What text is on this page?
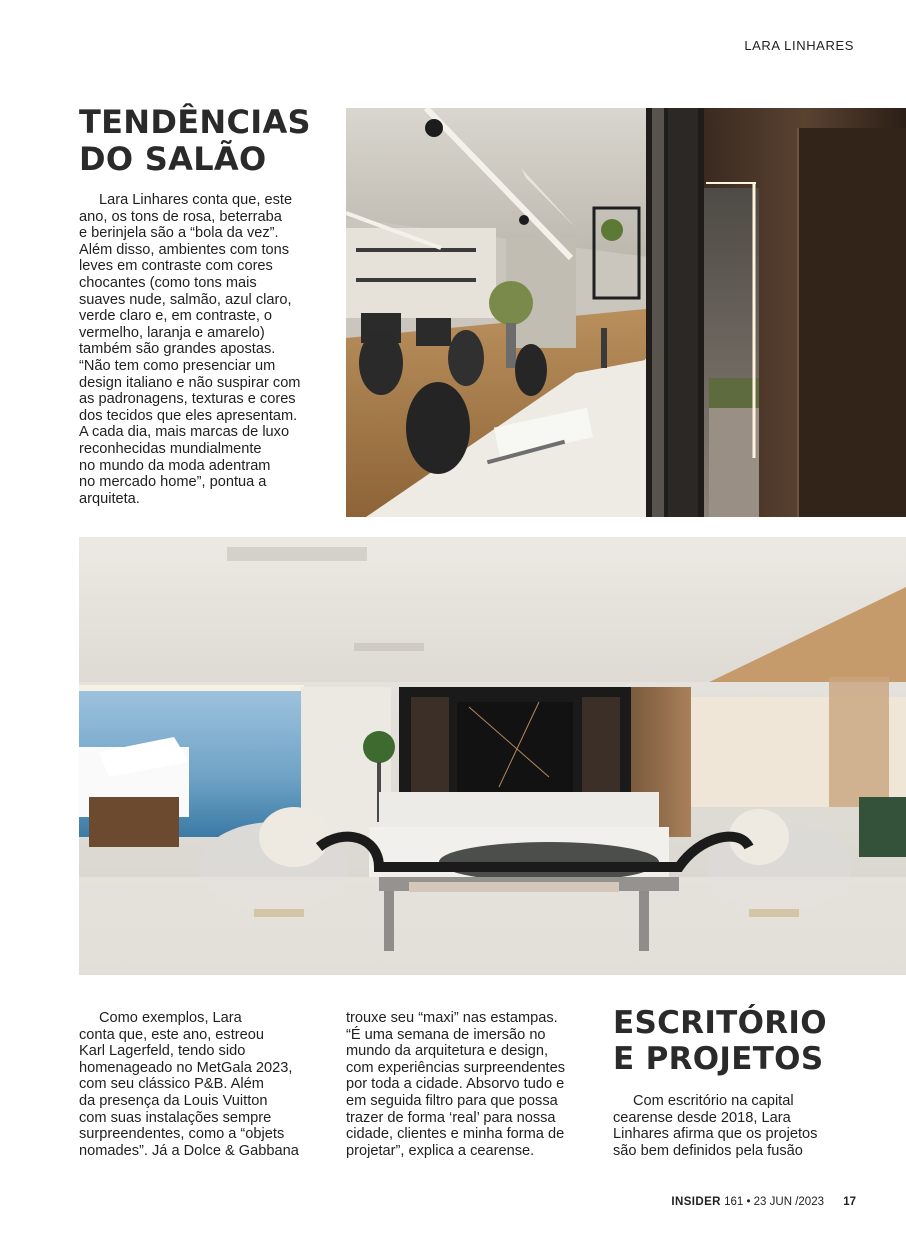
LARA LINHARES
TENDÊNCIAS
DO SALÃO
Lara Linhares conta que, este
ano, os tons de rosa, beterraba
e berinjela são a “bola da vez”.
Além disso, ambientes com tons
leves em contraste com cores
chocantes (como tons mais
suaves nude, salmão, azul claro,
verde claro e, em contraste, o
vermelho, laranja e amarelo)
também são grandes apostas.
“Não tem como presenciar um
design italiano e não suspirar com
as padronagens, texturas e cores
dos tecidos que eles apresentam.
A cada dia, mais marcas de luxo
reconhecidas mundialmente
no mundo da moda adentram
no mercado home”, pontua a
arquiteta.
Como exemplos, Lara
conta que, este ano, estreou
Karl Lagerfeld, tendo sido
homenageado no MetGala 2023,
com seu clássico P&B. Além
da presença da Louis Vuitton
com suas instalações sempre
surpreendentes, como a “objets
nomades”. Já a Dolce & Gabbana
trouxe seu “maxi” nas estampas.
“É uma semana de imersão no
mundo da arquitetura e design,
com experiências surpreendentes
por toda a cidade. Absorvo tudo e
em seguida filtro para que possa
trazer de forma ‘real’ para nossa
cidade, clientes e minha forma de
projetar”, explica a cearense.
ESCRITÓRIO
E PROJETOS
Com escritório na capital
cearense desde 2018, Lara
Linhares afirma que os projetos
são bem definidos pela fusão
INSIDER 161 • 23 JUN /2023 17
